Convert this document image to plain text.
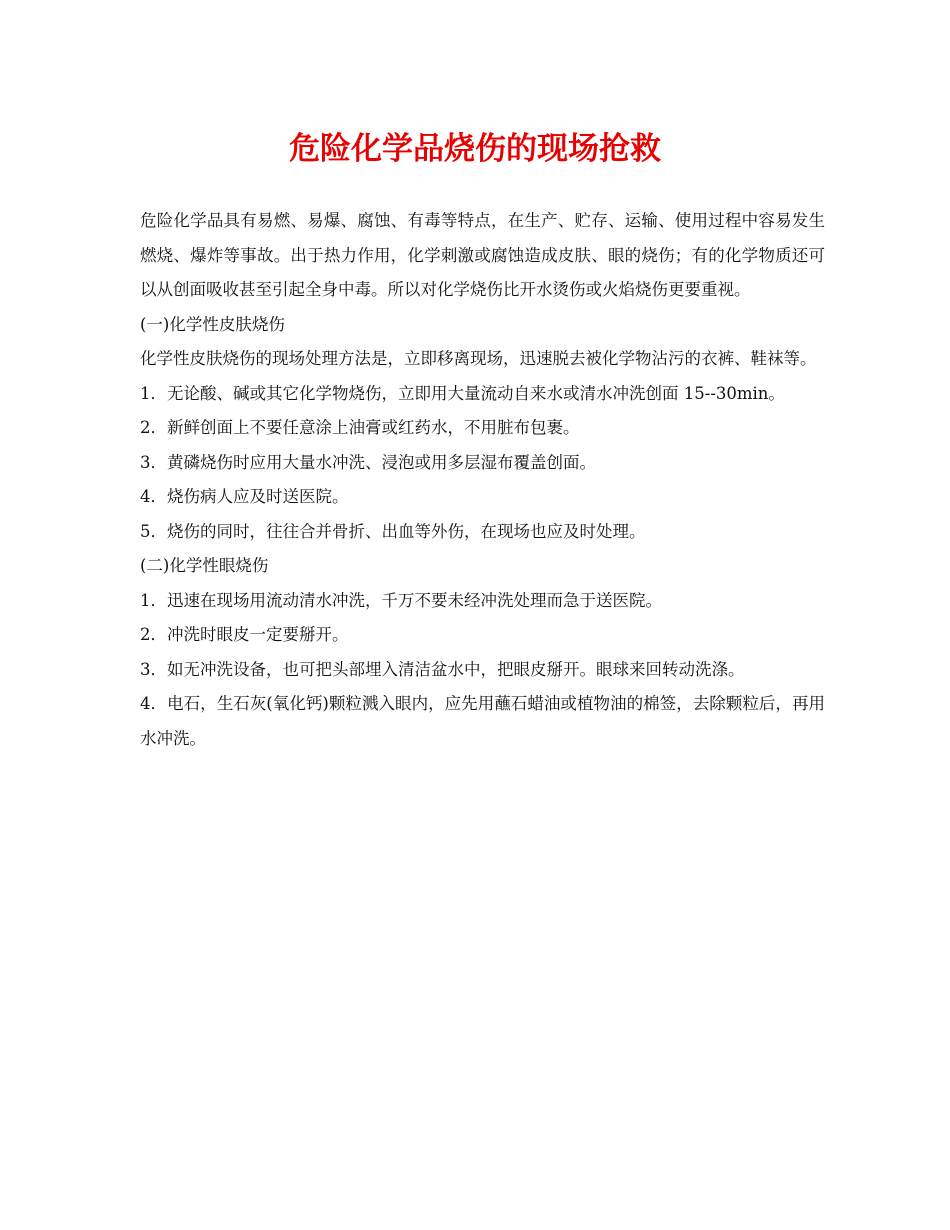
危险化学品烧伤的现场抢救

危险化学品具有易燃、易爆、腐蚀、有毒等特点，在生产、贮存、运输、使用过程中容易发生燃烧、爆炸等事故。出于热力作用，化学刺激或腐蚀造成皮肤、眼的烧伤；有的化学物质还可以从创面吸收甚至引起全身中毒。所以对化学烧伤比开水烫伤或火焰烧伤更要重视。

(一)化学性皮肤烧伤

化学性皮肤烧伤的现场处理方法是，立即移离现场，迅速脱去被化学物沾污的衣裤、鞋袜等。

1．无论酸、碱或其它化学物烧伤，立即用大量流动自来水或清水冲洗创面 15--30min。

2．新鲜创面上不要任意涂上油膏或红药水，不用脏布包裹。

3．黄磷烧伤时应用大量水冲洗、浸泡或用多层湿布覆盖创面。

4．烧伤病人应及时送医院。

5．烧伤的同时，往往合并骨折、出血等外伤，在现场也应及时处理。

(二)化学性眼烧伤

1．迅速在现场用流动清水冲洗，千万不要未经冲洗处理而急于送医院。

2．冲洗时眼皮一定要掰开。

3．如无冲洗设备，也可把头部埋入清洁盆水中，把眼皮掰开。眼球来回转动洗涤。

4．电石，生石灰(氧化钙)颗粒溅入眼内，应先用蘸石蜡油或植物油的棉签，去除颗粒后，再用水冲洗。
